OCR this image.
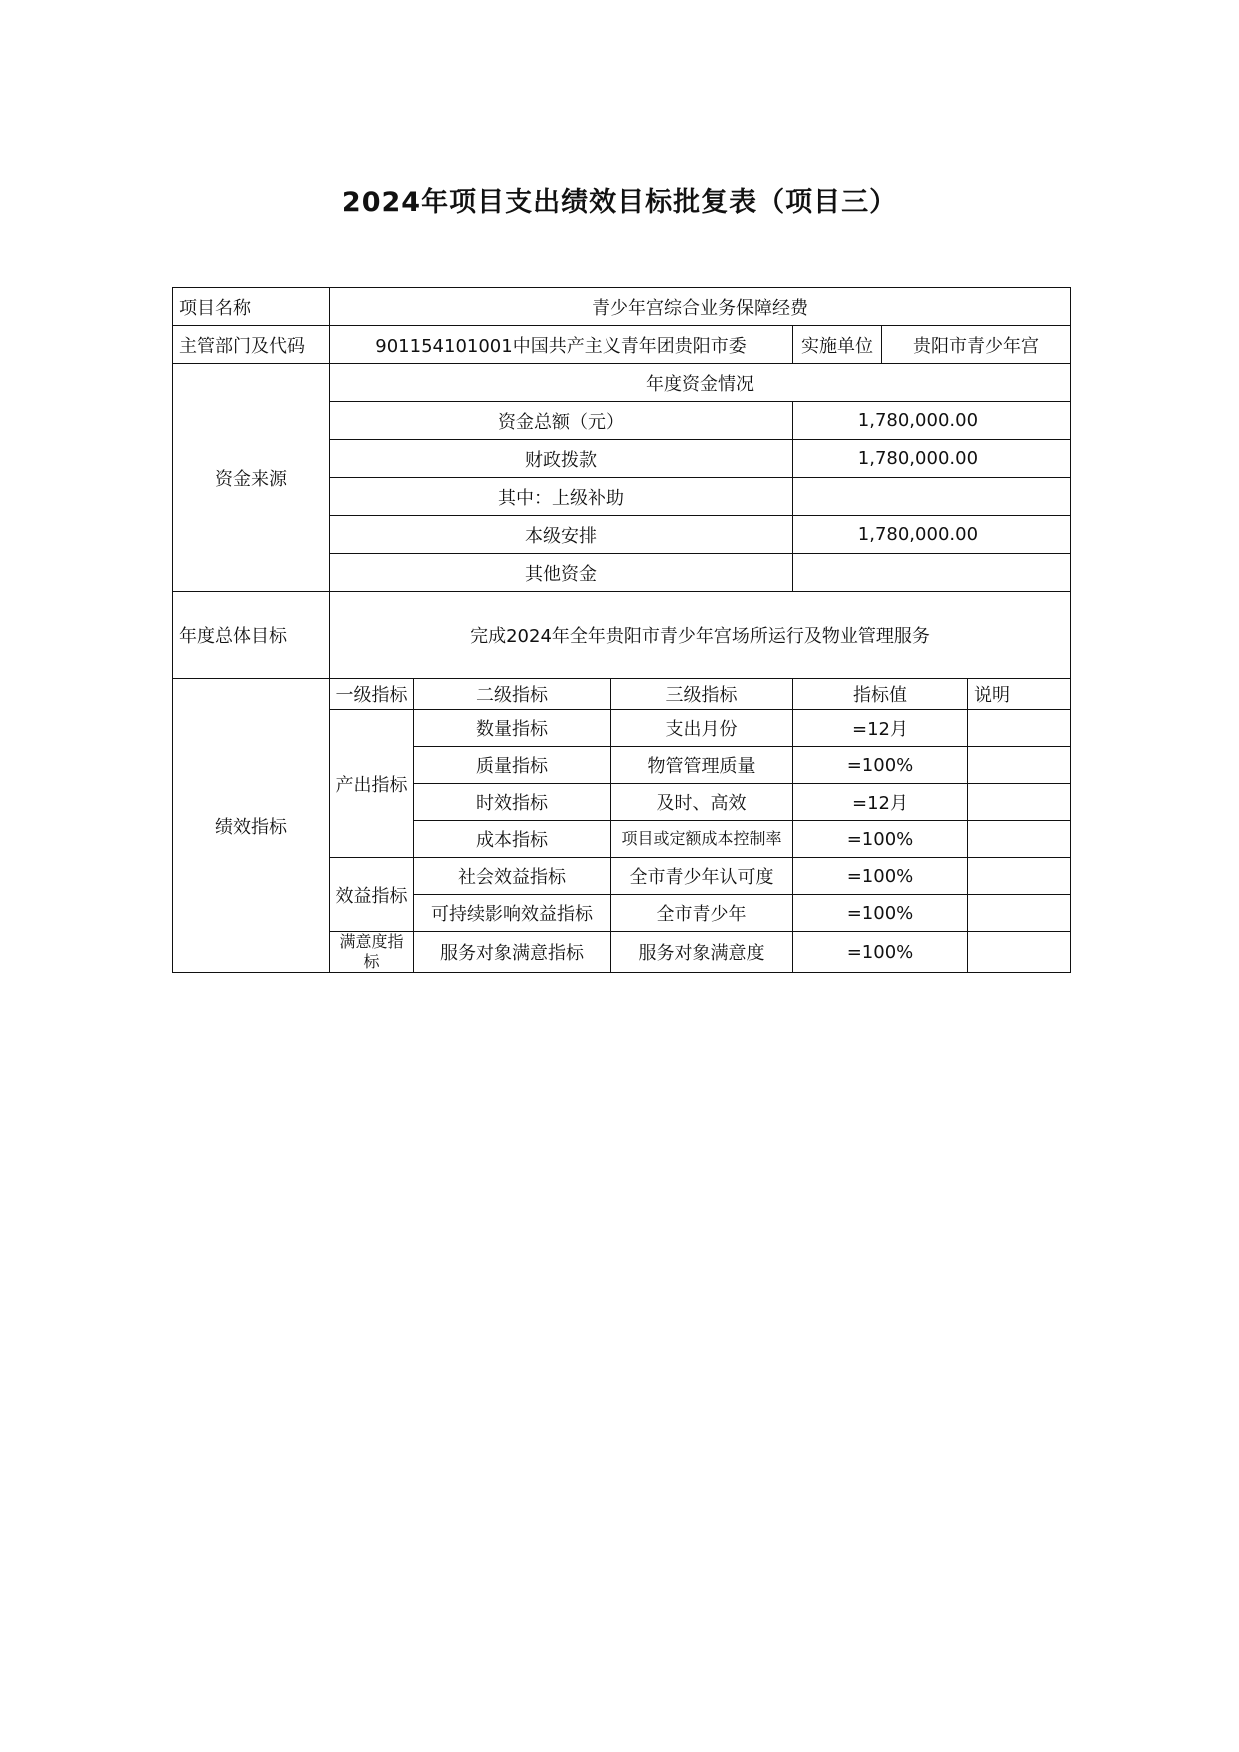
2024年项目支出绩效目标批复表（项目三）
项目名称	青少年宫综合业务保障经费					
主管部门及代码	901154101001中国共产主义青年团贵阳市委			实施单位	贵阳市青少年宫	
资金来源	年度资金情况					
	资金总额（元）			1,780,000.00		
	财政拨款			1,780,000.00		
	其中：上级补助					
	本级安排			1,780,000.00		
	其他资金					
年度总体目标	完成2024年全年贵阳市青少年宫场所运行及物业管理服务					
绩效指标	一级指标	二级指标	三级指标	指标值		说明
	产出指标	数量指标	支出月份	=12月		
		质量指标	物管管理质量	=100%		
		时效指标	及时、高效	=12月		
		成本指标	项目或定额成本控制率	=100%		
	效益指标	社会效益指标	全市青少年认可度	=100%		
		可持续影响效益指标	全市青少年	=100%		
	满意度指标	服务对象满意指标	服务对象满意度	=100%		
